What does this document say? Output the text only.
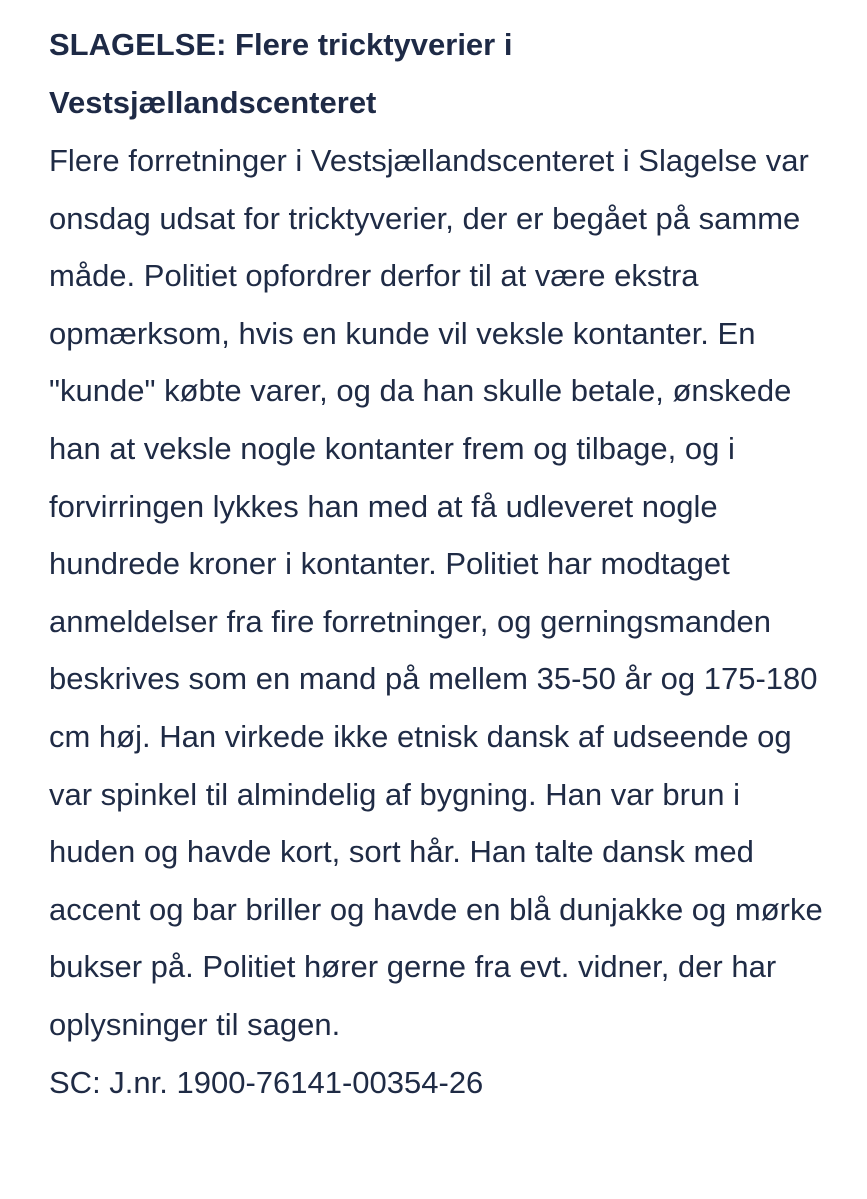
SLAGELSE: Flere tricktyverier i Vestsjællandscenteret

Flere forretninger i Vestsjællandscenteret i Slagelse var onsdag udsat for tricktyverier, der er begået på samme måde. Politiet opfordrer derfor til at være ekstra opmærksom, hvis en kunde vil veksle kontanter. En "kunde" købte varer, og da han skulle betale, ønskede han at veksle nogle kontanter frem og tilbage, og i forvirringen lykkes han med at få udleveret nogle hundrede kroner i kontanter. Politiet har modtaget anmeldelser fra fire forretninger, og gerningsmanden beskrives som en mand på mellem 35-50 år og 175-180 cm høj. Han virkede ikke etnisk dansk af udseende og var spinkel til almindelig af bygning. Han var brun i huden og havde kort, sort hår. Han talte dansk med accent og bar briller og havde en blå dunjakke og mørke bukser på. Politiet hører gerne fra evt. vidner, der har oplysninger til sagen.

SC: J.nr. 1900-76141-00354-26
